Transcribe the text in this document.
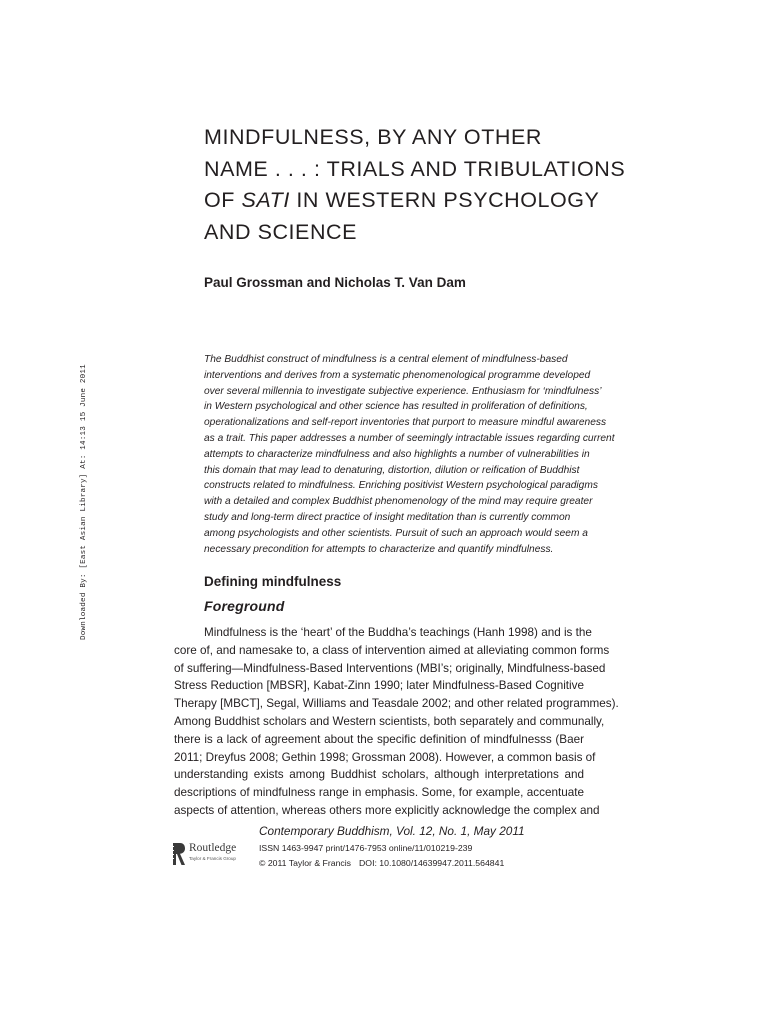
Downloaded By: [East Asian Library] At: 14:13 15 June 2011
MINDFULNESS, BY ANY OTHER
NAME . . . : TRIALS AND TRIBULATIONS
OF SATI IN WESTERN PSYCHOLOGY
AND SCIENCE
Paul Grossman and Nicholas T. Van Dam
The Buddhist construct of mindfulness is a central element of mindfulness-based
interventions and derives from a systematic phenomenological programme developed
over several millennia to investigate subjective experience. Enthusiasm for ‘mindfulness’
in Western psychological and other science has resulted in proliferation of definitions,
operationalizations and self-report inventories that purport to measure mindful awareness
as a trait. This paper addresses a number of seemingly intractable issues regarding current
attempts to characterize mindfulness and also highlights a number of vulnerabilities in
this domain that may lead to denaturing, distortion, dilution or reification of Buddhist
constructs related to mindfulness. Enriching positivist Western psychological paradigms
with a detailed and complex Buddhist phenomenology of the mind may require greater
study and long-term direct practice of insight meditation than is currently common
among psychologists and other scientists. Pursuit of such an approach would seem a
necessary precondition for attempts to characterize and quantify mindfulness.
Defining mindfulness
Foreground
Mindfulness is the ‘heart’ of the Buddha’s teachings (Hanh 1998) and is the
core of, and namesake to, a class of intervention aimed at alleviating common forms
of suffering—Mindfulness-Based Interventions (MBI’s; originally, Mindfulness-based
Stress Reduction [MBSR], Kabat-Zinn 1990; later Mindfulness-Based Cognitive
Therapy [MBCT], Segal, Williams and Teasdale 2002; and other related programmes).
Among Buddhist scholars and Western scientists, both separately and communally,
there is a lack of agreement about the specific definition of mindfulnesss (Baer
2011; Dreyfus 2008; Gethin 1998; Grossman 2008). However, a common basis of
understanding exists among Buddhist scholars, although interpretations and
descriptions of mindfulness range in emphasis. Some, for example, accentuate
aspects of attention, whereas others more explicitly acknowledge the complex and
Routledge
Taylor & Francis Group
Contemporary Buddhism, Vol. 12, No. 1, May 2011
ISSN 1463-9947 print/1476-7953 online/11/010219-239
© 2011 Taylor & Francis DOI: 10.1080/14639947.2011.564841
